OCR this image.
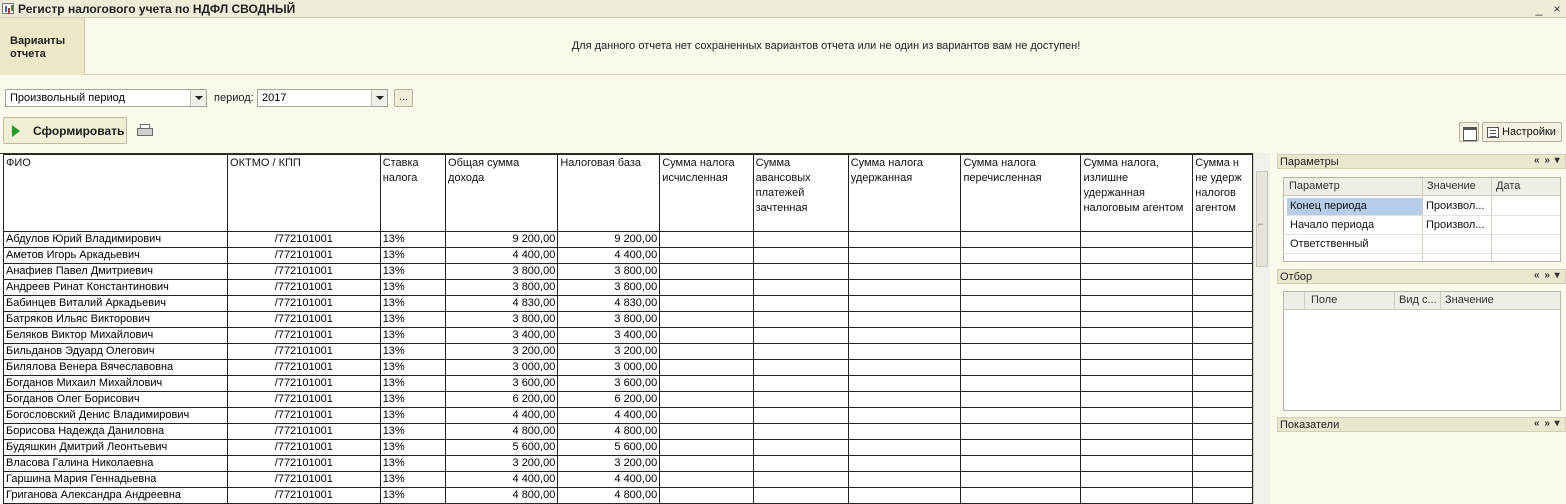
Регистр налогового учета по НДФЛ СВОДНЫЙ	_ ×
Варианты
отчета
Для данного отчета нет сохраненных вариантов отчета или не один из вариантов вам не доступен!
Произвольный период	период: 2017	...
Сформировать	Настройки
ФИО	ОКТМО / КПП	Ставка налога	Общая сумма дохода	Налоговая база	Сумма налога исчисленная	Сумма авансовых платежей зачтенная	Сумма налога удержанная	Сумма налога перечисленная	Сумма налога, излишне удержанная налоговым агентом	Сумма н не удерж налогов агентом
Абдулов Юрий Владимирович	/772101001	13%	9 200,00	9 200,00						
Аметов Игорь Аркадьевич	/772101001	13%	4 400,00	4 400,00						
Анафиев Павел Дмитриевич	/772101001	13%	3 800,00	3 800,00						
Андреев Ринат Константинович	/772101001	13%	3 800,00	3 800,00						
Бабинцев Виталий Аркадьевич	/772101001	13%	4 830,00	4 830,00						
Батряков Ильяс Викторович	/772101001	13%	3 800,00	3 800,00						
Беляков Виктор Михайлович	/772101001	13%	3 400,00	3 400,00						
Бильданов Эдуард Олегович	/772101001	13%	3 200,00	3 200,00						
Билялова Венера Вячеславовна	/772101001	13%	3 000,00	3 000,00						
Богданов Михаил Михайлович	/772101001	13%	3 600,00	3 600,00						
Богданов Олег Борисович	/772101001	13%	6 200,00	6 200,00						
Богословский Денис Владимирович	/772101001	13%	4 400,00	4 400,00						
Борисова Надежда Даниловна	/772101001	13%	4 800,00	4 800,00						
Будяшкин Дмитрий Леонтьевич	/772101001	13%	5 600,00	5 600,00						
Власова Галина Николаевна	/772101001	13%	3 200,00	3 200,00						
Гаршина Мария Геннадьевна	/772101001	13%	4 400,00	4 400,00						
Григанова Александра Андреевна	/772101001	13%	4 800,00	4 800,00						
⌐
Параметры	« » ▾
Параметр	Значение Дата
Конец периода	Произвол...
Начало периода	Произвол...
Ответственный
Отбор	« » ▾
Поле	Вид с... Значение
Показатели	« » ▾
